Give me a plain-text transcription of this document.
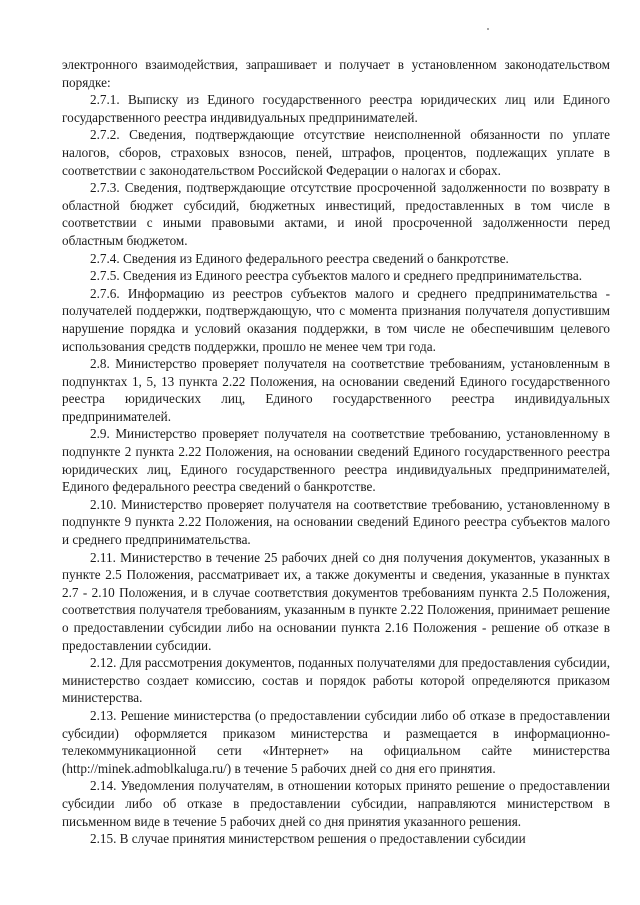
электронного взаимодействия, запрашивает и получает в установленном законодательством порядке:

2.7.1. Выписку из Единого государственного реестра юридических лиц или Единого государственного реестра индивидуальных предпринимателей.

2.7.2. Сведения, подтверждающие отсутствие неисполненной обязанности по уплате налогов, сборов, страховых взносов, пеней, штрафов, процентов, подлежащих уплате в соответствии с законодательством Российской Федерации о налогах и сборах.

2.7.3. Сведения, подтверждающие отсутствие просроченной задолженности по возврату в областной бюджет субсидий, бюджетных инвестиций, предоставленных в том числе в соответствии с иными правовыми актами, и иной просроченной задолженности перед областным бюджетом.

2.7.4. Сведения из Единого федерального реестра сведений о банкротстве.

2.7.5. Сведения из Единого реестра субъектов малого и среднего предпринимательства.

2.7.6. Информацию из реестров субъектов малого и среднего предпринимательства - получателей поддержки, подтверждающую, что с момента признания получателя допустившим нарушение порядка и условий оказания поддержки, в том числе не обеспечившим целевого использования средств поддержки, прошло не менее чем три года.

2.8. Министерство проверяет получателя на соответствие требованиям, установленным в подпунктах 1, 5, 13 пункта 2.22 Положения, на основании сведений Единого государственного реестра юридических лиц, Единого государственного реестра индивидуальных предпринимателей.

2.9. Министерство проверяет получателя на соответствие требованию, установленному в подпункте 2 пункта 2.22 Положения, на основании сведений Единого государственного реестра юридических лиц, Единого государственного реестра индивидуальных предпринимателей, Единого федерального реестра сведений о банкротстве.

2.10. Министерство проверяет получателя на соответствие требованию, установленному в подпункте 9 пункта 2.22 Положения, на основании сведений Единого реестра субъектов малого и среднего предпринимательства.

2.11. Министерство в течение 25 рабочих дней со дня получения документов, указанных в пункте 2.5 Положения, рассматривает их, а также документы и сведения, указанные в пунктах 2.7 - 2.10 Положения, и в случае соответствия документов требованиям пункта 2.5 Положения, соответствия получателя требованиям, указанным в пункте 2.22 Положения, принимает решение о предоставлении субсидии либо на основании пункта 2.16 Положения - решение об отказе в предоставлении субсидии.

2.12. Для рассмотрения документов, поданных получателями для предоставления субсидии, министерство создает комиссию, состав и порядок работы которой определяются приказом министерства.

2.13. Решение министерства (о предоставлении субсидии либо об отказе в предоставлении субсидии) оформляется приказом министерства и размещается в информационно-телекоммуникационной сети «Интернет» на официальном сайте министерства (http://minek.admoblkaluga.ru/) в течение 5 рабочих дней со дня его принятия.

2.14. Уведомления получателям, в отношении которых принято решение о предоставлении субсидии либо об отказе в предоставлении субсидии, направляются министерством в письменном виде в течение 5 рабочих дней со дня принятия указанного решения.

2.15. В случае принятия министерством решения о предоставлении субсидии
